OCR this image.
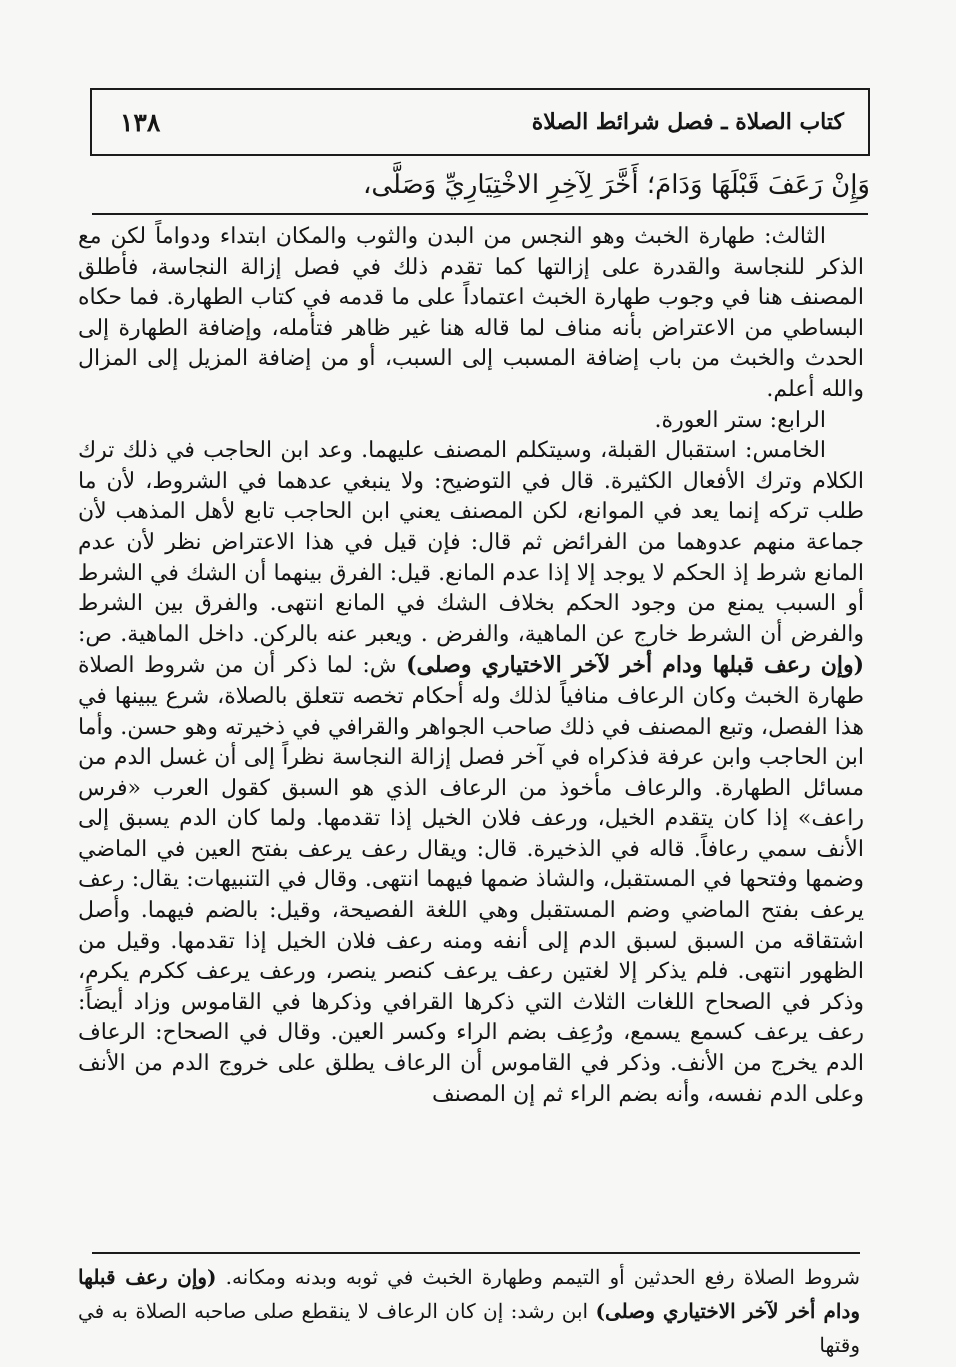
١٣٨	كتاب الصلاة ـ فصل شرائط الصلاة
وَإِنْ رَعَفَ قَبْلَهَا وَدَامَ؛ أَخَّرَ لِآخِرِ الاخْتِيَارِيِّ وَصَلَّى،

الثالث: طهارة الخبث وهو النجس من البدن والثوب والمكان ابتداء ودواماً لكن مع الذكر للنجاسة والقدرة على إزالتها كما تقدم ذلك في فصل إزالة النجاسة، فأطلق المصنف هنا في وجوب طهارة الخبث اعتماداً على ما قدمه في كتاب الطهارة. فما حكاه البساطي من الاعتراض بأنه مناف لما قاله هنا غير ظاهر فتأمله، وإضافة الطهارة إلى الحدث والخبث من باب إضافة المسبب إلى السبب، أو من إضافة المزيل إلى المزال والله أعلم.

الرابع: ستر العورة.

الخامس: استقبال القبلة، وسيتكلم المصنف عليهما. وعد ابن الحاجب في ذلك ترك الكلام وترك الأفعال الكثيرة. قال في التوضيح: ولا ينبغي عدهما في الشروط، لأن ما طلب تركه إنما يعد في الموانع، لكن المصنف يعني ابن الحاجب تابع لأهل المذهب لأن جماعة منهم عدوهما من الفرائض ثم قال: فإن قيل في هذا الاعتراض نظر لأن عدم المانع شرط إذ الحكم لا يوجد إلا إذا عدم المانع. قيل: الفرق بينهما أن الشك في الشرط أو السبب يمنع من وجود الحكم بخلاف الشك في المانع انتهى. والفرق بين الشرط والفرض أن الشرط خارج عن الماهية، والفرض . ويعبر عنه بالركن. داخل الماهية. ص: (وإن رعف قبلها ودام أخر لآخر الاختياري وصلى) ش: لما ذكر أن من شروط الصلاة طهارة الخبث وكان الرعاف منافياً لذلك وله أحكام تخصه تتعلق بالصلاة، شرع يبينها في هذا الفصل، وتبع المصنف في ذلك صاحب الجواهر والقرافي في ذخيرته وهو حسن. وأما ابن الحاجب وابن عرفة فذكراه في آخر فصل إزالة النجاسة نظراً إلى أن غسل الدم من مسائل الطهارة. والرعاف مأخوذ من الرعاف الذي هو السبق كقول العرب «فرس راعف» إذا كان يتقدم الخيل، ورعف فلان الخيل إذا تقدمها. ولما كان الدم يسبق إلى الأنف سمي رعافاً. قاله في الذخيرة. قال: ويقال رعف يرعف بفتح العين في الماضي وضمها وفتحها في المستقبل، والشاذ ضمها فيهما انتهى. وقال في التنبيهات: يقال: رعف يرعف بفتح الماضي وضم المستقبل وهي اللغة الفصيحة، وقيل: بالضم فيهما. وأصل اشتقاقه من السبق لسبق الدم إلى أنفه ومنه رعف فلان الخيل إذا تقدمها. وقيل من الظهور انتهى. فلم يذكر إلا لغتين رعف يرعف كنصر ينصر، ورعف يرعف ككرم يكرم، وذكر في الصحاح اللغات الثلاث التي ذكرها القرافي وذكرها في القاموس وزاد أيضاً: رعف يرعف كسمع يسمع، ورُعِف بضم الراء وكسر العين. وقال في الصحاح: الرعاف الدم يخرج من الأنف. وذكر في القاموس أن الرعاف يطلق على خروج الدم من الأنف وعلى الدم نفسه، وأنه بضم الراء ثم إن المصنف

شروط الصلاة رفع الحدثين أو التيمم وطهارة الخبث في ثوبه وبدنه ومكانه. (وإن رعف قبلها ودام أخر لآخر الاختياري وصلى) ابن رشد: إن كان الرعاف لا ينقطع صلى صاحبه الصلاة به في وقتها
